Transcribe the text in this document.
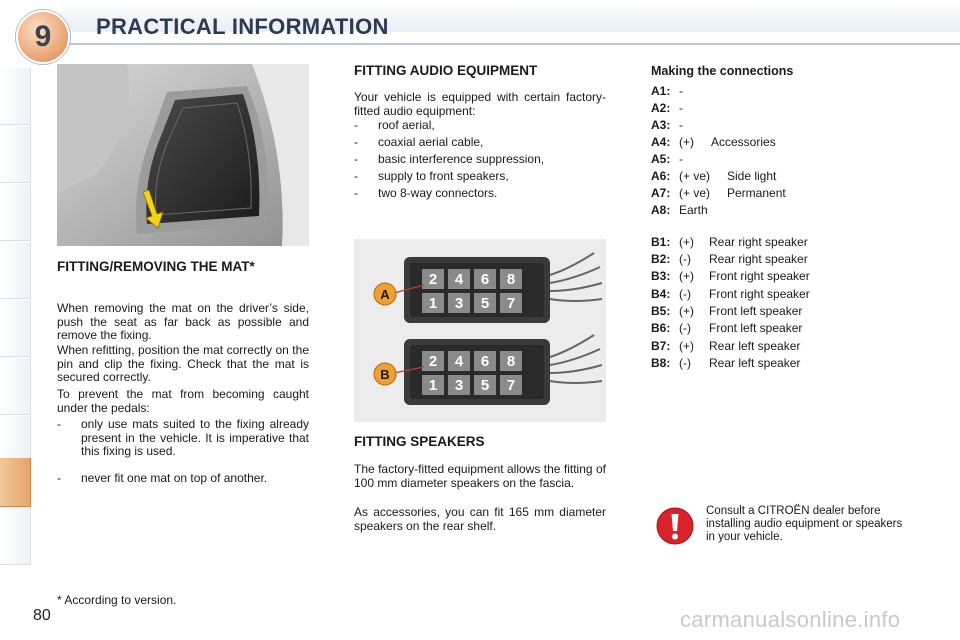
9	PRACTICAL INFORMATION
FITTING/REMOVING THE MAT*
When removing the mat on the driver’s side, push the seat as far back as possible and remove the fixing.
When refitting, position the mat correctly on the pin and clip the fixing. Check that the mat is secured correctly.
To prevent the mat from becoming caught under the pedals:
- only use mats suited to the fixing already present in the vehicle. It is imperative that this fixing is used.
- never fit one mat on top of another.
FITTING AUDIO EQUIPMENT
Your vehicle is equipped with certain factory-fitted audio equipment:
- roof aerial,
- coaxial aerial cable,
- basic interference suppression,
- supply to front speakers,
- two 8-way connectors.
2 4 6 8
1 3 5 7
A
2 4 6 8
1 3 5 7
B
FITTING SPEAKERS
The factory-fitted equipment allows the fitting of 100 mm diameter speakers on the fascia.
As accessories, you can fit 165 mm diameter speakers on the rear shelf.
Making the connections
A1: -
A2: -
A3: -
A4: (+) Accessories
A5: -
A6: (+ ve) Side light
A7: (+ ve) Permanent
A8: Earth
B1: (+) Rear right speaker
B2: (-) Rear right speaker
B3: (+) Front right speaker
B4: (-) Front right speaker
B5: (+) Front left speaker
B6: (-) Front left speaker
B7: (+) Rear left speaker
B8: (-) Rear left speaker
Consult a CITROËN dealer before installing audio equipment or speakers in your vehicle.
* According to version.
80	carmanualsonline.info
